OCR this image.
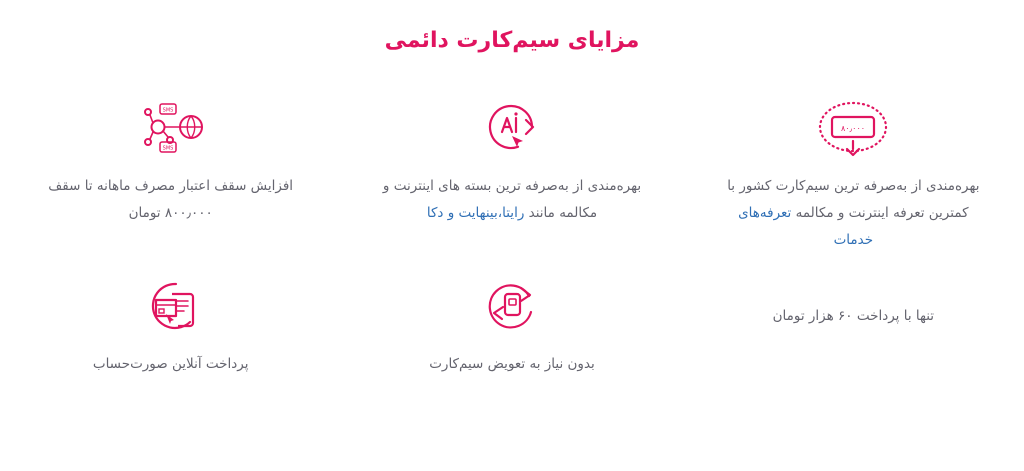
مزایای سیم‌کارت دائمی
۸۰٫۰۰۰
بهره‌مندی از به‌صرفه ترین سیم‌کارت کشور با کمترین تعرفه اینترنت و مکالمه تعرفه‌های خدمات
بهره‌مندی از به‌صرفه ترین بسته های اینترنت و مکالمه مانند رایتا،بینهایت و دکا
SMS
SMS
افزایش سقف اعتبار مصرف ماهانه تا سقف ۸۰۰٫۰۰۰ تومان
تنها با پرداخت ۶۰ هزار تومان
بدون نیاز به تعویض سیم‌کارت
پرداخت آنلاین صورت‌حساب
